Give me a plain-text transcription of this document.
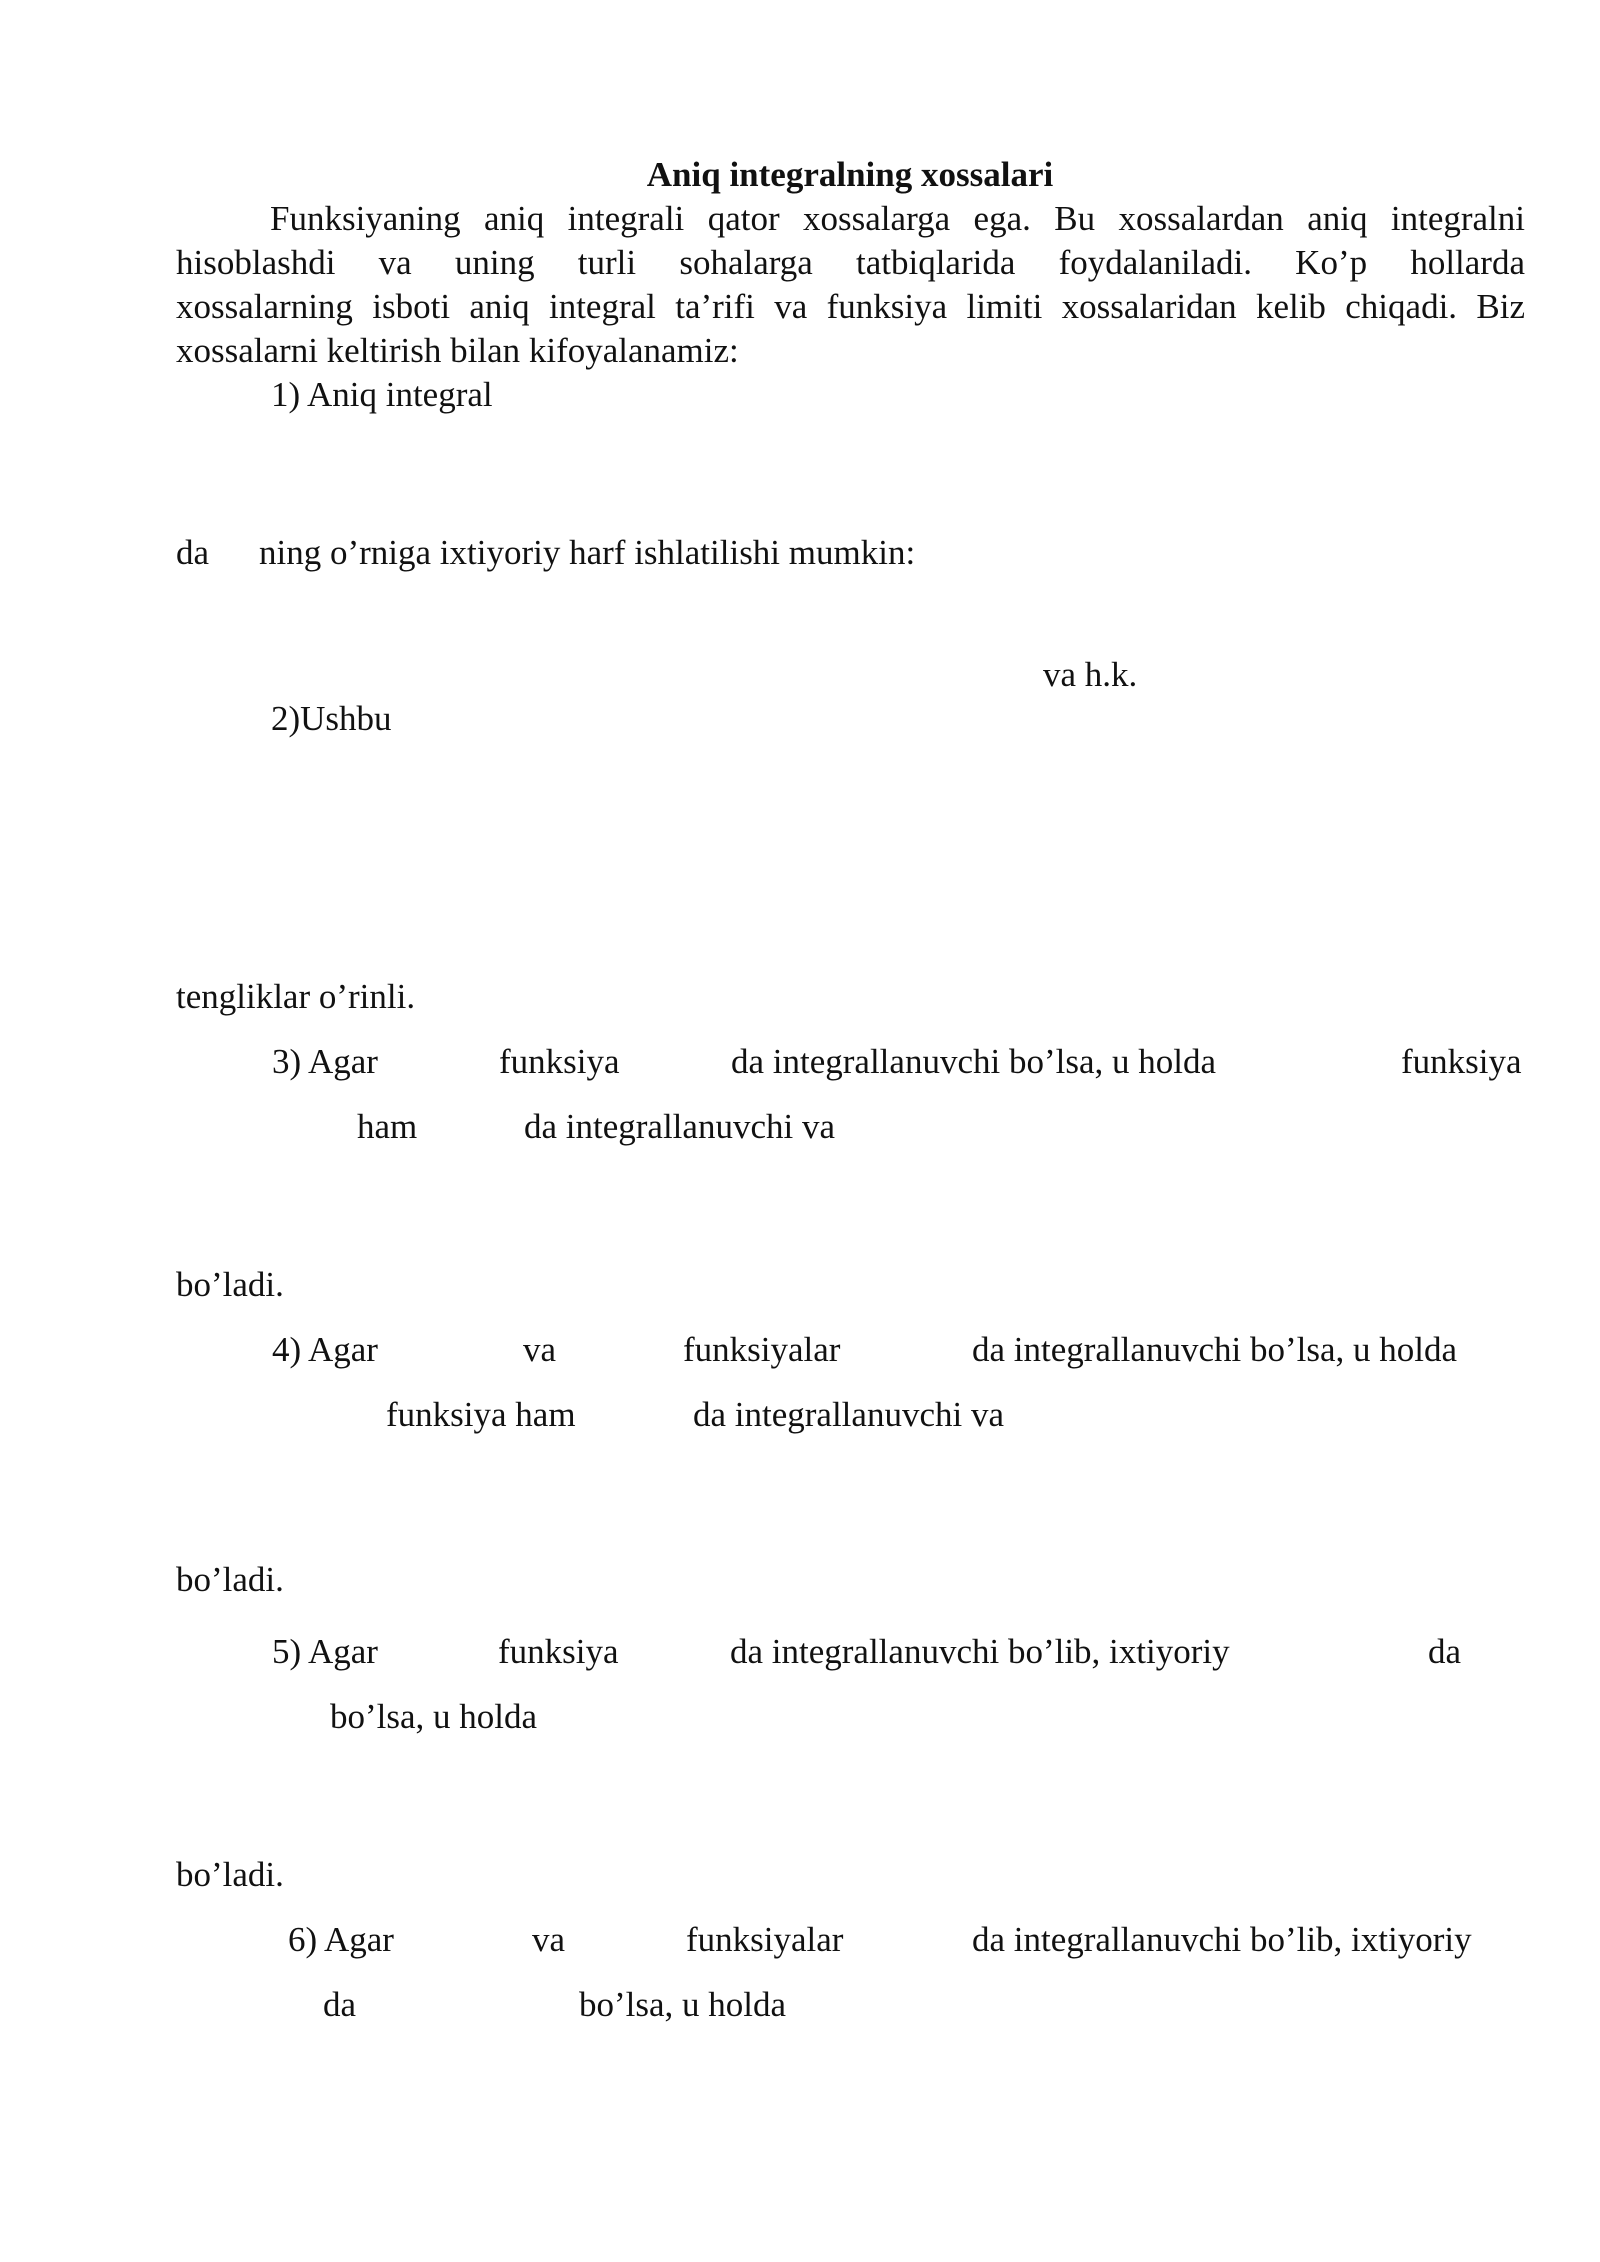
Aniq integralning xossalari
Funksiyaning aniq integrali qator xossalarga ega. Bu xossalardan aniq integralni
hisoblashdi va uning turli sohalarga tatbiqlarida foydalaniladi. Ko’p hollarda
xossalarning isboti aniq integral ta’rifi va funksiya limiti xossalaridan kelib chiqadi. Biz
xossalarni keltirish bilan kifoyalanamiz:
1) Aniq integral
da ning o’rniga ixtiyoriy harf ishlatilishi mumkin:
va h.k.
2)Ushbu
tengliklar o’rinli.
3) Agar	funksiya	da integrallanuvchi bo’lsa, u holda	funksiya
ham	da integrallanuvchi va
bo’ladi.
4) Agar	va	funksiyalar	da integrallanuvchi bo’lsa, u holda
funksiya ham	da integrallanuvchi va
bo’ladi.
5) Agar	funksiya	da integrallanuvchi bo’lib, ixtiyoriy	da
bo’lsa, u holda
bo’ladi.
6) Agar	va	funksiyalar	da integrallanuvchi bo’lib, ixtiyoriy
da	bo’lsa, u holda
